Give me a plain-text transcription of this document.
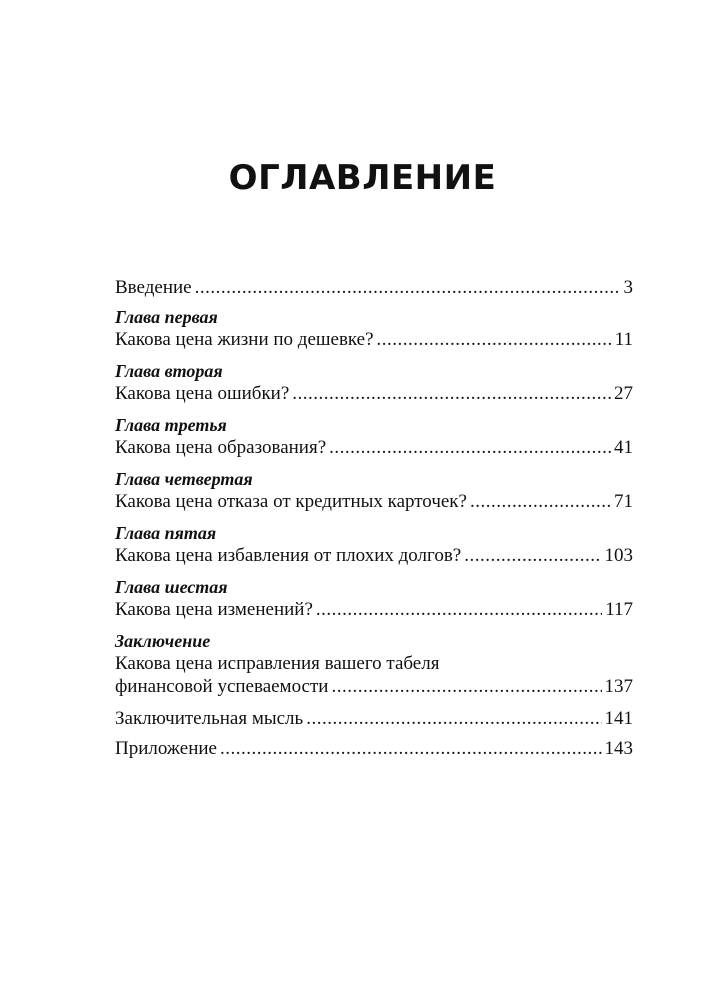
ОГЛАВЛЕНИЕ
Введение .....	3
Глава первая
Какова цена жизни по дешевке? .....	11
Глава вторая
Какова цена ошибки? .....	27
Глава третья
Какова цена образования? .....	41
Глава четвертая
Какова цена отказа от кредитных карточек? .....	71
Глава пятая
Какова цена избавления от плохих долгов? .....	103
Глава шестая
Какова цена изменений? .....	117
Заключение
Какова цена исправления вашего табеля
финансовой успеваемости .....	137
Заключительная мысль .....	141
Приложение .....	143
